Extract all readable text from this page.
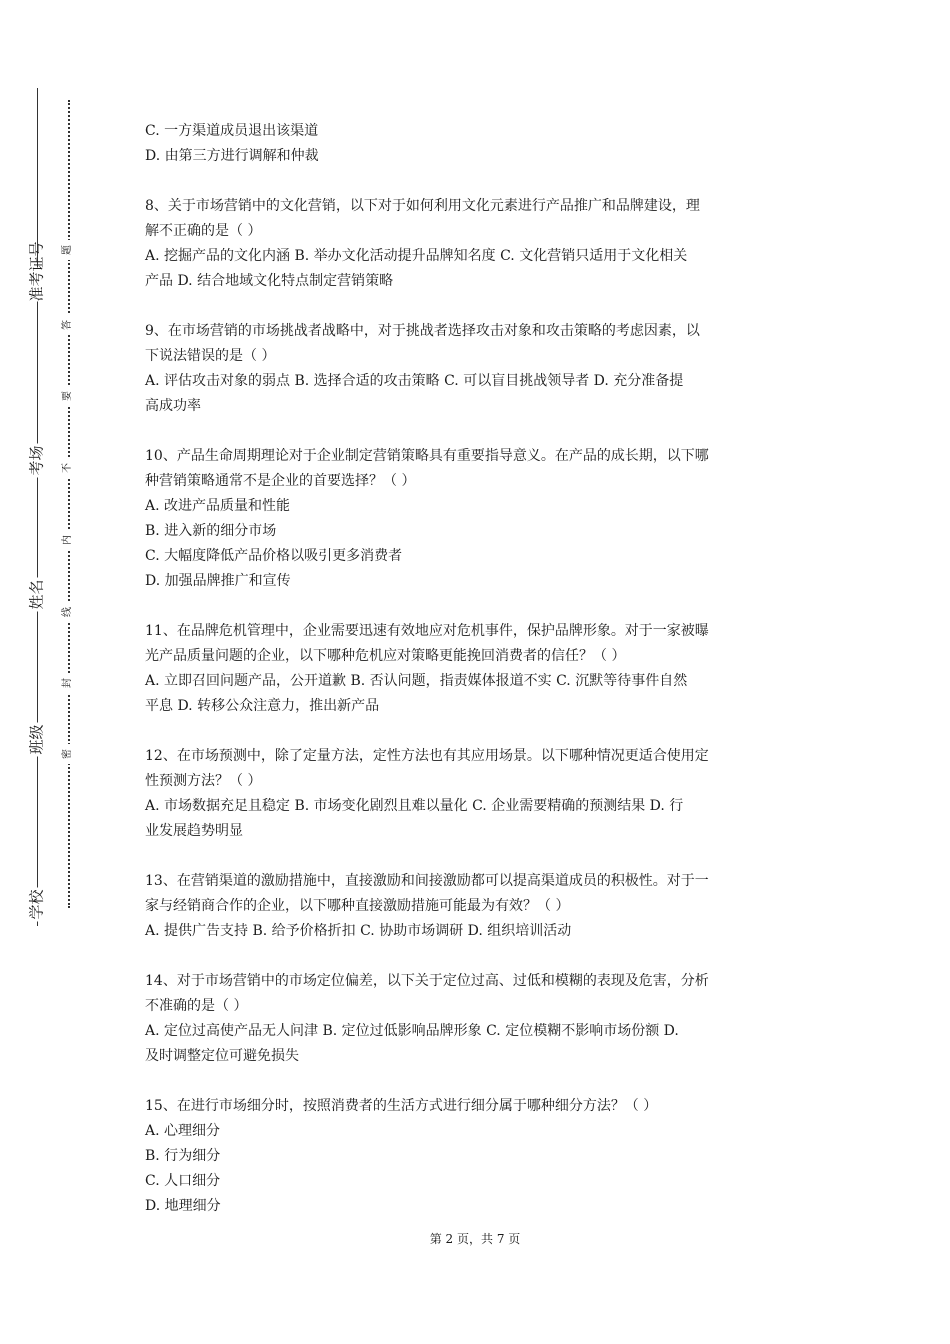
准考证号
考场
姓名
班级
学校
题
答
要
不
内
线
封
密

C. 一方渠道成员退出该渠道

D. 由第三方进行调解和仲裁

8、关于市场营销中的文化营销，以下对于如何利用文化元素进行产品推广和品牌建设，理

解不正确的是（ ）

A. 挖掘产品的文化内涵 B. 举办文化活动提升品牌知名度 C. 文化营销只适用于文化相关

产品 D. 结合地域文化特点制定营销策略

9、在市场营销的市场挑战者战略中，对于挑战者选择攻击对象和攻击策略的考虑因素，以

下说法错误的是（ ）

A. 评估攻击对象的弱点 B. 选择合适的攻击策略 C. 可以盲目挑战领导者 D. 充分准备提

高成功率

10、产品生命周期理论对于企业制定营销策略具有重要指导意义。在产品的成长期，以下哪

种营销策略通常不是企业的首要选择？（ ）

A. 改进产品质量和性能

B. 进入新的细分市场

C. 大幅度降低产品价格以吸引更多消费者

D. 加强品牌推广和宣传

11、在品牌危机管理中，企业需要迅速有效地应对危机事件，保护品牌形象。对于一家被曝

光产品质量问题的企业，以下哪种危机应对策略更能挽回消费者的信任？（ ）

A. 立即召回问题产品，公开道歉 B. 否认问题，指责媒体报道不实 C. 沉默等待事件自然

平息 D. 转移公众注意力，推出新产品

12、在市场预测中，除了定量方法，定性方法也有其应用场景。以下哪种情况更适合使用定

性预测方法？（ ）

A. 市场数据充足且稳定 B. 市场变化剧烈且难以量化 C. 企业需要精确的预测结果 D. 行

业发展趋势明显

13、在营销渠道的激励措施中，直接激励和间接激励都可以提高渠道成员的积极性。对于一

家与经销商合作的企业，以下哪种直接激励措施可能最为有效？（ ）

A. 提供广告支持 B. 给予价格折扣 C. 协助市场调研 D. 组织培训活动

14、对于市场营销中的市场定位偏差，以下关于定位过高、过低和模糊的表现及危害，分析

不准确的是（ ）

A. 定位过高使产品无人问津 B. 定位过低影响品牌形象 C. 定位模糊不影响市场份额 D.

及时调整定位可避免损失

15、在进行市场细分时，按照消费者的生活方式进行细分属于哪种细分方法？（ ）

A. 心理细分

B. 行为细分

C. 人口细分

D. 地理细分

第 2 页，共 7 页
